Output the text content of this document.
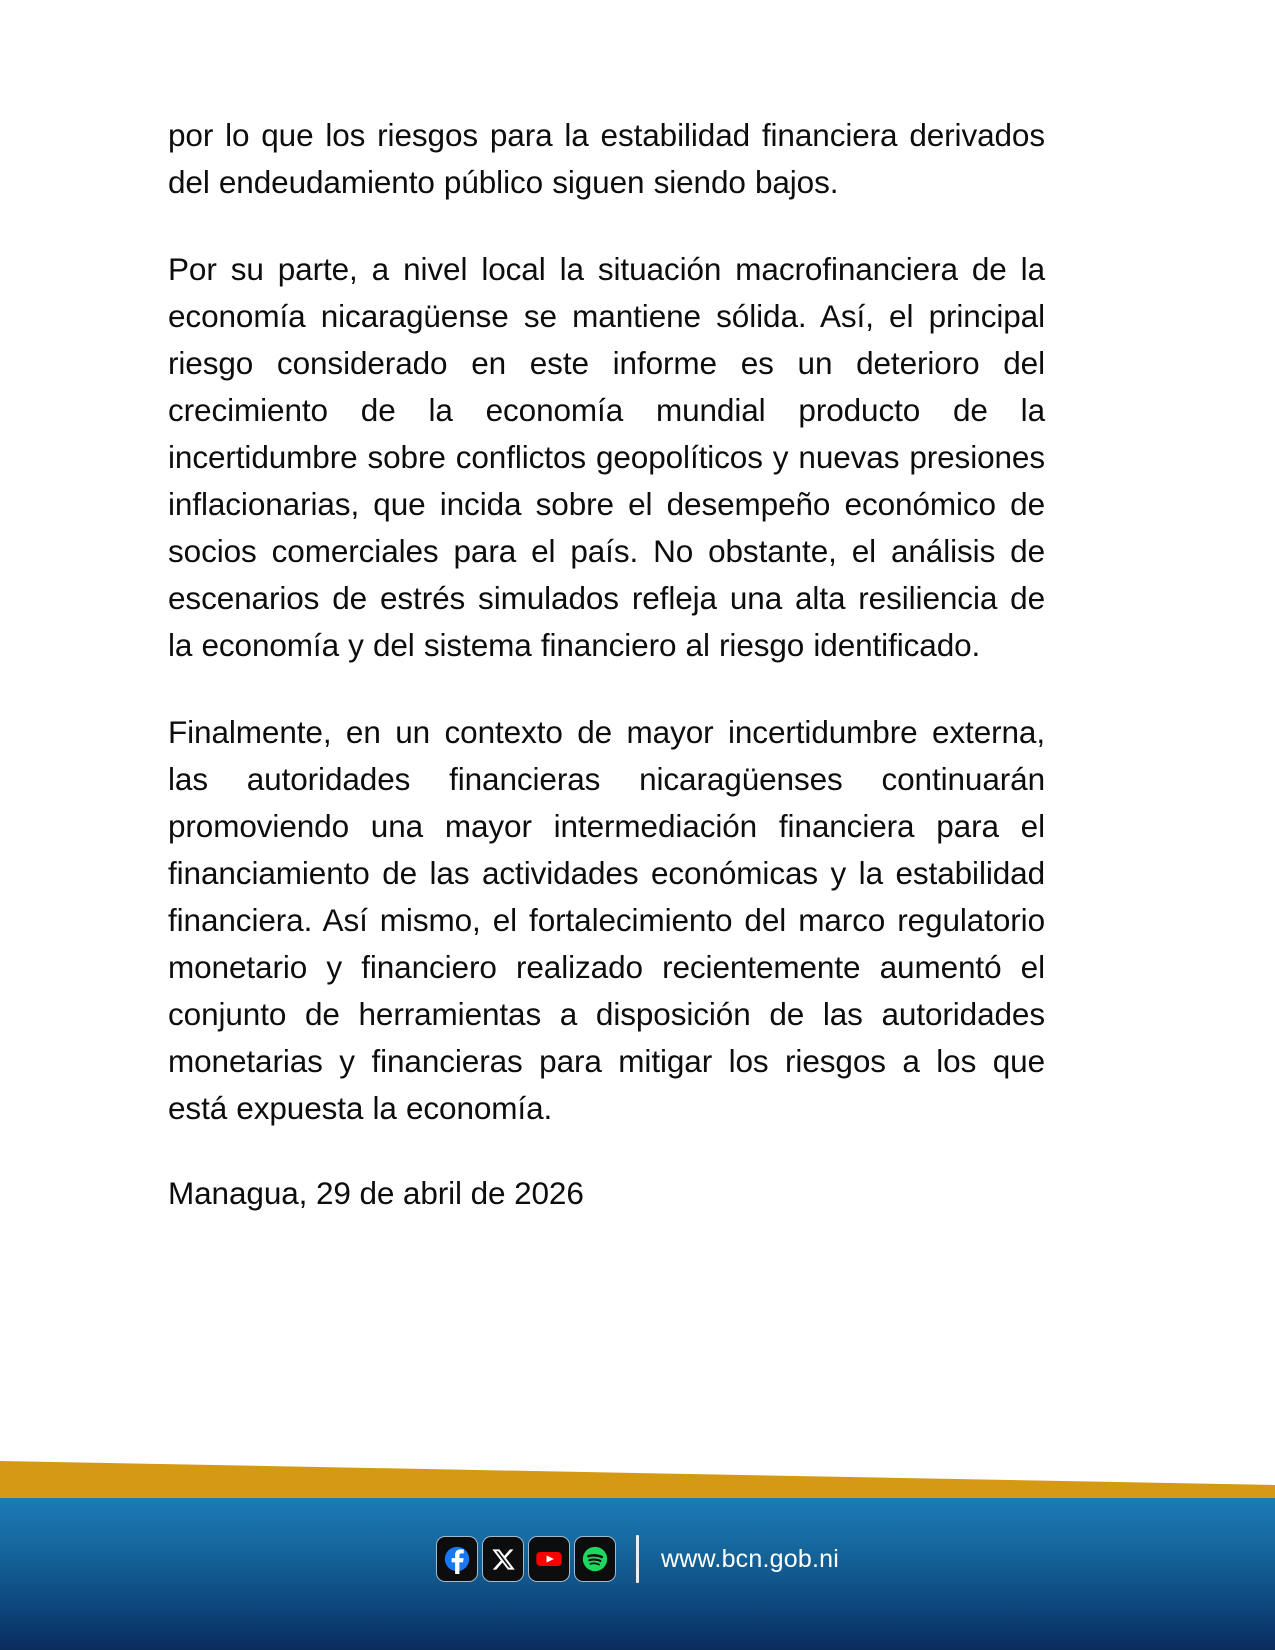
por lo que los riesgos para la estabilidad financiera derivados del endeudamiento público siguen siendo bajos.

Por su parte, a nivel local la situación macrofinanciera de la economía nicaragüense se mantiene sólida. Así, el principal riesgo considerado en este informe es un deterioro del crecimiento de la economía mundial producto de la incertidumbre sobre conflictos geopolíticos y nuevas presiones inflacionarias, que incida sobre el desempeño económico de socios comerciales para el país. No obstante, el análisis de escenarios de estrés simulados refleja una alta resiliencia de la economía y del sistema financiero al riesgo identificado.

Finalmente, en un contexto de mayor incertidumbre externa, las autoridades financieras nicaragüenses continuarán promoviendo una mayor intermediación financiera para el financiamiento de las actividades económicas y la estabilidad financiera. Así mismo, el fortalecimiento del marco regulatorio monetario y financiero realizado recientemente aumentó el conjunto de herramientas a disposición de las autoridades monetarias y financieras para mitigar los riesgos a los que está expuesta la economía.

Managua, 29 de abril de 2026

www.bcn.gob.ni
